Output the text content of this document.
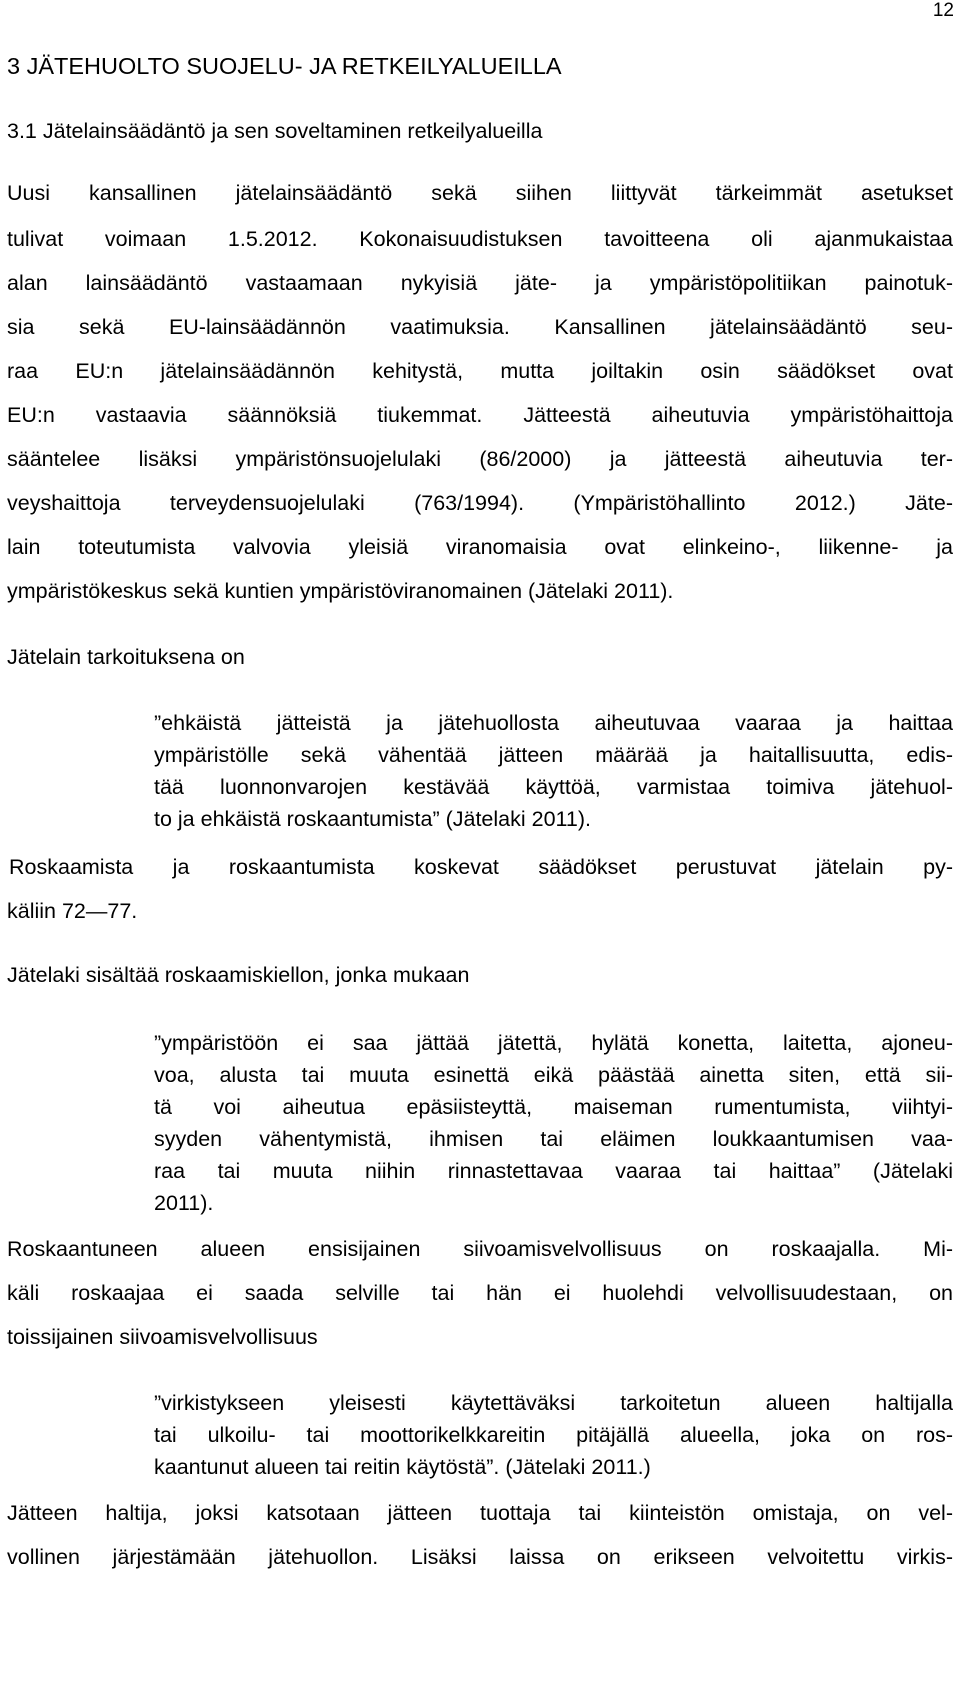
12
3 JÄTEHUOLTO SUOJELU- JA RETKEILYALUEILLA
3.1 Jätelainsäädäntö ja sen soveltaminen retkeilyalueilla
Uusi kansallinen jätelainsäädäntö sekä siihen liittyvät tärkeimmät asetukset
tulivat voimaan 1.5.2012. Kokonaisuudistuksen tavoitteena oli ajanmukaistaa
alan lainsäädäntö vastaamaan nykyisiä jäte- ja ympäristöpolitiikan painotuk-
sia sekä EU-lainsäädännön vaatimuksia. Kansallinen jätelainsäädäntö seu-
raa EU:n jätelainsäädännön kehitystä, mutta joiltakin osin säädökset ovat
EU:n vastaavia säännöksiä tiukemmat. Jätteestä aiheutuvia ympäristöhaittoja
sääntelee lisäksi ympäristönsuojelulaki (86/2000) ja jätteestä aiheutuvia ter-
veyshaittoja terveydensuojelulaki (763/1994). (Ympäristöhallinto 2012.) Jäte-
lain toteutumista valvovia yleisiä viranomaisia ovat elinkeino-, liikenne- ja
ympäristökeskus sekä kuntien ympäristöviranomainen (Jätelaki 2011).
Jätelain tarkoituksena on
”ehkäistä jätteistä ja jätehuollosta aiheutuvaa vaaraa ja haittaa
ympäristölle sekä vähentää jätteen määrää ja haitallisuutta, edis-
tää luonnonvarojen kestävää käyttöä, varmistaa toimiva jätehuol-
to ja ehkäistä roskaantumista” (Jätelaki 2011).
Roskaamista ja roskaantumista koskevat säädökset perustuvat jätelain py-
käliin 72—77.
Jätelaki sisältää roskaamiskiellon, jonka mukaan
”ympäristöön ei saa jättää jätettä, hylätä konetta, laitetta, ajoneu-
voa, alusta tai muuta esinettä eikä päästää ainetta siten, että sii-
tä voi aiheutua epäsiisteyttä, maiseman rumentumista, viihtyi-
syyden vähentymistä, ihmisen tai eläimen loukkaantumisen vaa-
raa tai muuta niihin rinnastettavaa vaaraa tai haittaa” (Jätelaki
2011).
Roskaantuneen alueen ensisijainen siivoamisvelvollisuus on roskaajalla. Mi-
käli roskaajaa ei saada selville tai hän ei huolehdi velvollisuudestaan, on
toissijainen siivoamisvelvollisuus
”virkistykseen yleisesti käytettäväksi tarkoitetun alueen haltijalla
tai ulkoilu- tai moottorikelkkareitin pitäjällä alueella, joka on ros-
kaantunut alueen tai reitin käytöstä”. (Jätelaki 2011.)
Jätteen haltija, joksi katsotaan jätteen tuottaja tai kiinteistön omistaja, on vel-
vollinen järjestämään jätehuollon. Lisäksi laissa on erikseen velvoitettu virkis-
